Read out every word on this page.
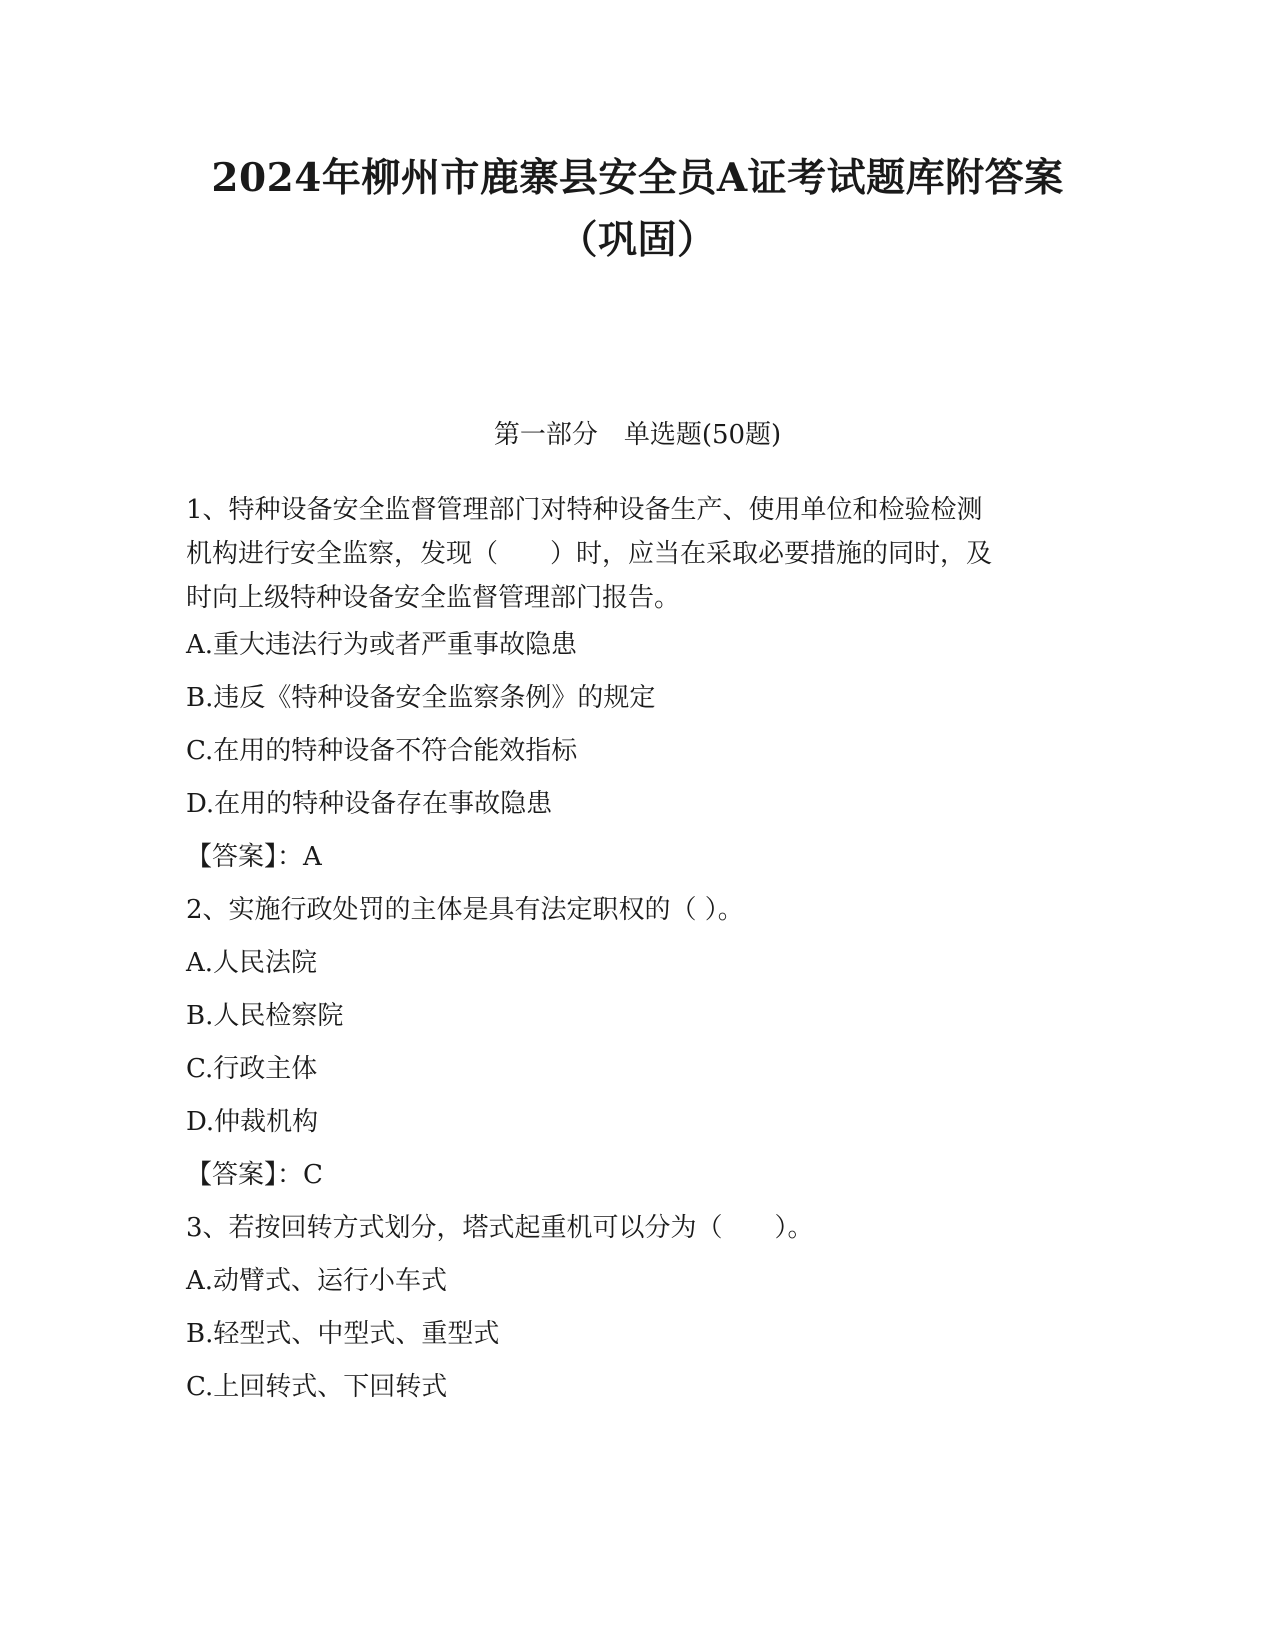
2024年柳州市鹿寨县安全员A证考试题库附答案
（巩固）
第一部分　单选题(50题)
1、特种设备安全监督管理部门对特种设备生产、使用单位和检验检测
机构进行安全监察，发现（　　）时，应当在采取必要措施的同时，及
时向上级特种设备安全监督管理部门报告。
A.重大违法行为或者严重事故隐患
B.违反《特种设备安全监察条例》的规定
C.在用的特种设备不符合能效指标
D.在用的特种设备存在事故隐患
【答案】：A
2、实施行政处罚的主体是具有法定职权的（ ）。
A.人民法院
B.人民检察院
C.行政主体
D.仲裁机构
【答案】：C
3、若按回转方式划分，塔式起重机可以分为（　　）。
A.动臂式、运行小车式
B.轻型式、中型式、重型式
C.上回转式、下回转式
